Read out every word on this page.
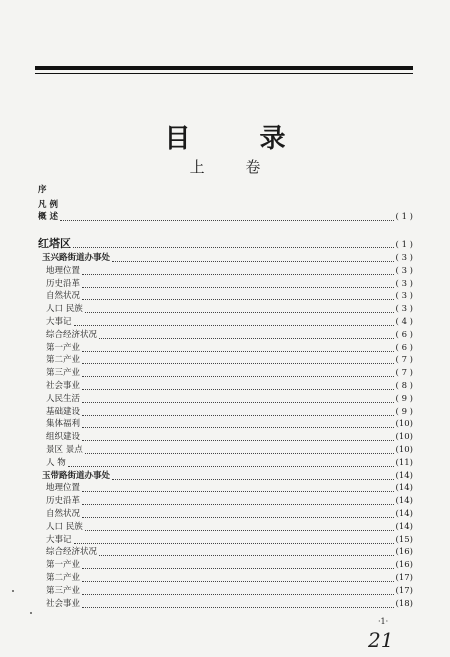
目 录
上 卷
序
凡 例
概 述	( 1 )
红塔区	( 1 )
玉兴路街道办事处	( 3 )
地理位置	( 3 )
历史沿革	( 3 )
自然状况	( 3 )
人口 民族	( 3 )
大事记	( 4 )
综合经济状况	( 6 )
第一产业	( 6 )
第二产业	( 7 )
第三产业	( 7 )
社会事业	( 8 )
人民生活	( 9 )
基础建设	( 9 )
集体福利	(10)
组织建设	(10)
景区 景点	(10)
人 物	(11)
玉带路街道办事处	(14)
地理位置	(14)
历史沿革	(14)
自然状况	(14)
人口 民族	(14)
大事记	(15)
综合经济状况	(16)
第一产业	(16)
第二产业	(17)
第三产业	(17)
社会事业	(18)
·1·
21
